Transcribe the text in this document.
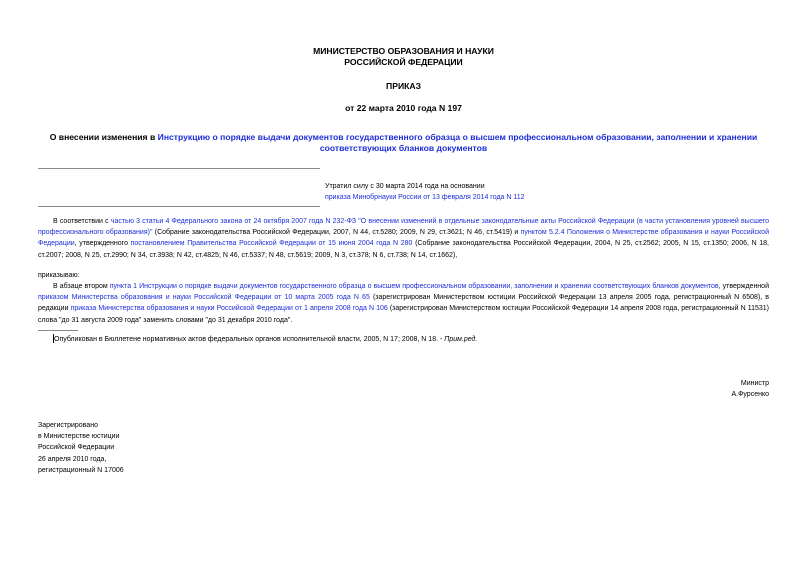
МИНИСТЕРСТВО ОБРАЗОВАНИЯ И НАУКИ
РОССИЙСКОЙ ФЕДЕРАЦИИ
ПРИКАЗ
от 22 марта 2010 года N 197
О внесении изменения в Инструкцию о порядке выдачи документов государственного образца о высшем профессиональном образовании, заполнении и хранении соответствующих бланков документов
Утратил силу с 30 марта 2014 года на основании
приказа Минобрнауки России от 13 февраля 2014 года N 112
В соответствии с частью 3 статьи 4 Федерального закона от 24 октября 2007 года N 232-ФЗ "О внесении изменений в отдельные законодательные акты Российской Федерации (в части установления уровней высшего профессионального образования)" (Собрание законодательства Российской Федерации, 2007, N 44, ст.5280; 2009, N 29, ст.3621; N 46, ст.5419) и пунктом 5.2.4 Положения о Министерстве образования и науки Российской Федерации, утвержденного постановлением Правительства Российской Федерации от 15 июня 2004 года N 280 (Собрание законодательства Российской Федерации, 2004, N 25, ст.2562; 2005, N 15, ст.1350; 2006, N 18, ст.2007; 2008, N 25, ст.2990; N 34, ст.3938; N 42, ст.4825; N 46, ст.5337; N 48, ст.5619; 2009, N 3, ст.378; N 6, ст.738; N 14, ст.1662),
приказываю:
В абзаце втором пункта 1 Инструкции о порядке выдачи документов государственного образца о высшем профессиональном образовании, заполнении и хранении соответствующих бланков документов, утвержденной приказом Министерства образования и науки Российской Федерации от 10 марта 2005 года N 65 (зарегистрирован Министерством юстиции Российской Федерации 13 апреля 2005 года, регистрационный N 6508), в редакции приказа Министерства образования и науки Российской Федерации от 1 апреля 2008 года N 106 (зарегистрирован Министерством юстиции Российской Федерации 14 апреля 2008 года, регистрационный N 11531) слова "до 31 августа 2009 года" заменить словами "до 31 декабря 2010 года".
Опубликован в Бюллетене нормативных актов федеральных органов исполнительной власти, 2005, N 17; 2008, N 18. - Прим.ред.
Министр
А.Фурсенко
Зарегистрировано
в Министерстве юстиции
Российской Федерации
26 апреля 2010 года,
регистрационный N 17006
